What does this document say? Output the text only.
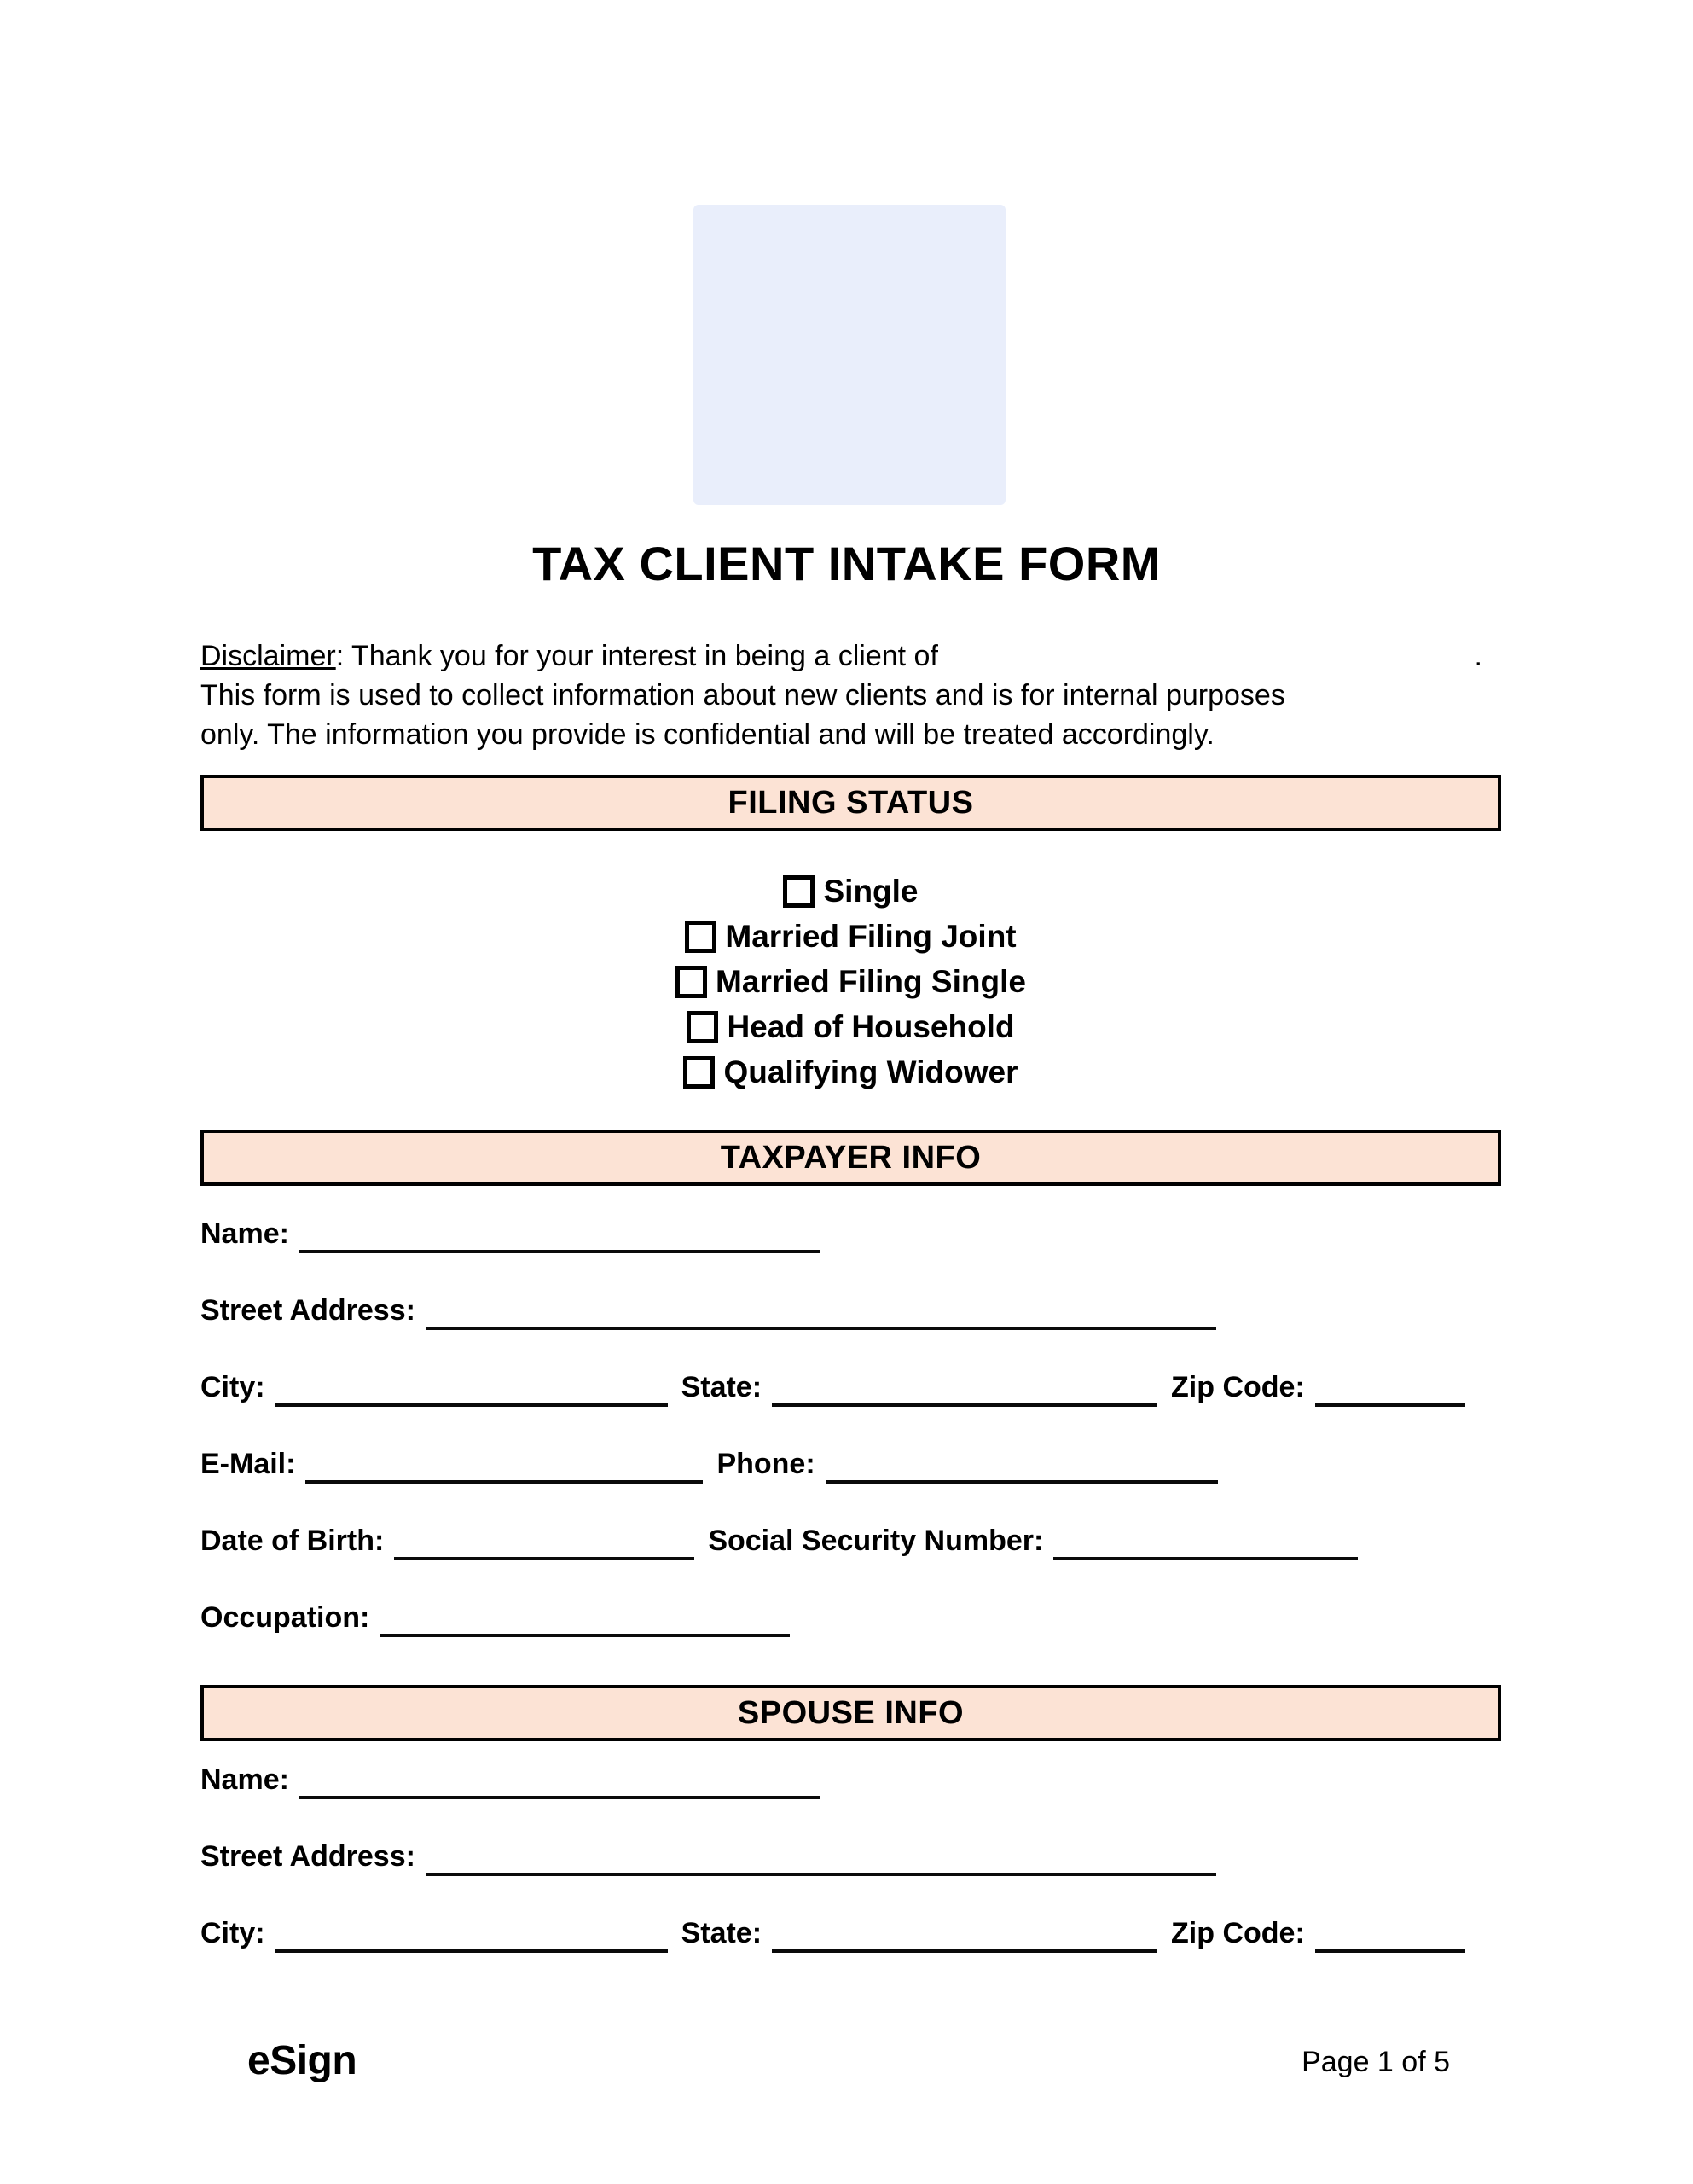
TAX CLIENT INTAKE FORM
Disclaimer: Thank you for your interest in being a client of	.
This form is used to collect information about new clients and is for internal purposes
only. The information you provide is confidential and will be treated accordingly.
FILING STATUS
Single
Married Filing Joint
Married Filing Single
Head of Household
Qualifying Widower
TAXPAYER INFO
Name:
Street Address:
City:	State:	Zip Code:
E-Mail:	Phone:
Date of Birth:	Social Security Number:
Occupation:
SPOUSE INFO
Name:
Street Address:
City:	State:	Zip Code:
eSign	Page 1 of 5
